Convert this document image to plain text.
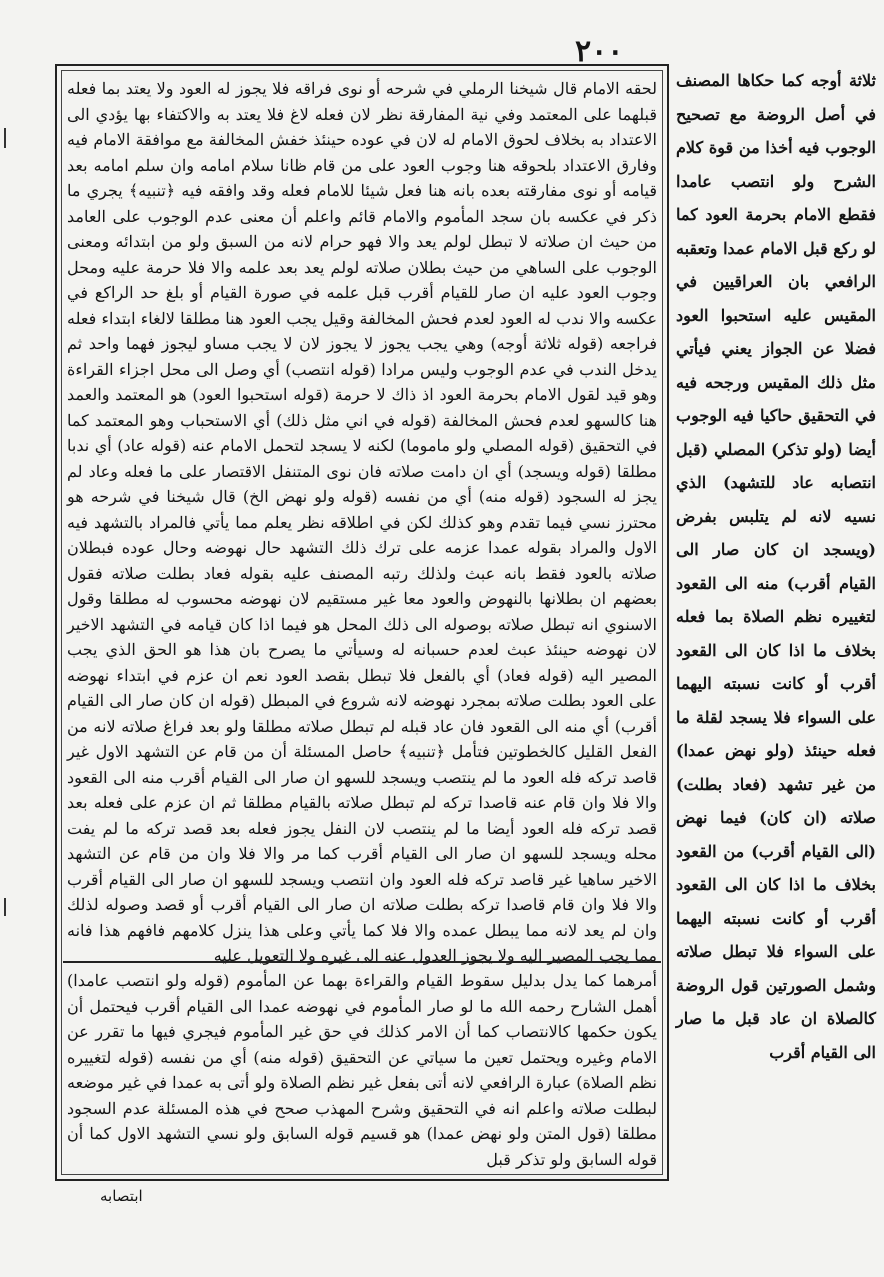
٢٠٠

لحقه الامام قال شيخنا الرملي في شرحه أو نوى فراقه فلا يجوز له العود ولا يعتد بما فعله قبلهما على المعتمد وفي نية المفارقة نظر لان فعله لاغ فلا يعتد به والاكتفاء بها يؤدي الى الاعتداد به بخلاف لحوق الامام له لان في عوده حينئذ خفش المخالفة مع موافقة الامام فيه وفارق الاعتداد بلحوقه هنا وجوب العود على من قام ظانا سلام امامه وان سلم امامه بعد قيامه أو نوى مفارقته بعده بانه هنا فعل شيئا للامام فعله وقد وافقه فيه ﴿تنبيه﴾ يجري ما ذكر في عكسه بان سجد المأموم والامام قائم واعلم أن معنى عدم الوجوب على العامد من حيث ان صلاته لا تبطل لولم يعد والا فهو حرام لانه من السبق ولو من ابتدائه ومعنى الوجوب على الساهي من حيث بطلان صلاته لولم يعد بعد علمه والا فلا حرمة عليه ومحل وجوب العود عليه ان صار للقيام أقرب قبل علمه في صورة القيام أو بلغ حد الراكع في عكسه والا ندب له العود لعدم فحش المخالفة وقيل يجب العود هنا مطلقا لالغاء ابتداء فعله فراجعه (قوله ثلاثة أوجه) وهي يجب يجوز لا يجوز لان لا يجب مساو ليجوز فهما واحد ثم يدخل الندب في عدم الوجوب وليس مرادا (قوله انتصب) أي وصل الى محل اجزاء القراءة وهو قيد لقول الامام بحرمة العود اذ ذاك لا حرمة (قوله استحبوا العود) هو المعتمد والعمد هنا كالسهو لعدم فحش المخالفة (قوله في اني مثل ذلك) أي الاستحباب وهو المعتمد كما في التحقيق (قوله المصلي ولو ماموما) لكنه لا يسجد لتحمل الامام عنه (قوله عاد) أي ندبا مطلقا (قوله ويسجد) أي ان دامت صلاته فان نوى المتنفل الاقتصار على ما فعله وعاد لم يجز له السجود (قوله منه) أي من نفسه (قوله ولو نهض الخ) قال شيخنا في شرحه هو محترز نسي فيما تقدم وهو كذلك لكن في اطلاقه نظر يعلم مما يأتي فالمراد بالتشهد فيه الاول والمراد بقوله عمدا عزمه على ترك ذلك التشهد حال نهوضه وحال عوده فبطلان صلاته بالعود فقط بانه عبث ولذلك رتبه المصنف عليه بقوله فعاد بطلت صلاته فقول بعضهم ان بطلانها بالنهوض والعود معا غير مستقيم لان نهوضه محسوب له مطلقا وقول الاسنوي انه تبطل صلاته بوصوله الى ذلك المحل هو فيما اذا كان قيامه في التشهد الاخير لان نهوضه حينئذ عبث لعدم حسبانه له وسيأتي ما يصرح بان هذا هو الحق الذي يجب المصير اليه (قوله فعاد) أي بالفعل فلا تبطل بقصد العود نعم ان عزم في ابتداء نهوضه على العود بطلت صلاته بمجرد نهوضه لانه شروع في المبطل (قوله ان كان صار الى القيام أقرب) أي منه الى القعود فان عاد قبله لم تبطل صلاته مطلقا ولو بعد فراغ صلاته لانه من الفعل القليل كالخطوتين فتأمل ﴿تنبيه﴾ حاصل المسئلة أن من قام عن التشهد الاول غير قاصد تركه فله العود ما لم ينتصب ويسجد للسهو ان صار الى القيام أقرب منه الى القعود والا فلا وان قام عنه قاصدا تركه لم تبطل صلاته بالقيام مطلقا ثم ان عزم على فعله بعد قصد تركه فله العود أيضا ما لم ينتصب لان النفل يجوز فعله بعد قصد تركه ما لم يفت محله ويسجد للسهو ان صار الى القيام أقرب كما مر والا فلا وان من قام عن التشهد الاخير ساهيا غير قاصد تركه فله العود وان انتصب ويسجد للسهو ان صار الى القيام أقرب والا فلا وان قام قاصدا تركه بطلت صلاته ان صار الى القيام أقرب أو قصد وصوله لذلك وان لم يعد لانه مما يبطل عمده والا فلا كما يأتي وعلى هذا ينزل كلامهم فافهم هذا فانه مما يجب المصير اليه ولا يجوز العدول عنه الى غيره ولا التعويل عليه

أمرهما كما يدل بدليل سقوط القيام والقراءة بهما عن المأموم (قوله ولو انتصب عامدا) أهمل الشارح رحمه الله ما لو صار المأموم في نهوضه عمدا الى القيام أقرب فيحتمل أن يكون حكمها كالانتصاب كما أن الامر كذلك في حق غير المأموم فيجري فيها ما تقرر عن الامام وغيره ويحتمل تعين ما سياتي عن التحقيق (قوله منه) أي من نفسه (قوله لتغييره نظم الصلاة) عبارة الرافعي لانه أتى بفعل غير نظم الصلاة ولو أتى به عمدا في غير موضعه لبطلت صلاته واعلم انه في التحقيق وشرح المهذب صحح في هذه المسئلة عدم السجود مطلقا (قول المتن ولو نهض عمدا) هو قسيم قوله السابق ولو نسي التشهد الاول كما أن قوله السابق ولو تذكر قبل

ثلاثة أوجه كما حكاها المصنف في أصل الروضة مع تصحيح الوجوب فيه أخذا من قوة كلام الشرح ولو انتصب عامدا فقطع الامام بحرمة العود كما لو ركع قبل الامام عمدا وتعقبه الرافعي بان العراقيين في المقيس عليه استحبوا العود فضلا عن الجواز يعني فيأتي مثل ذلك المقيس ورجحه فيه في التحقيق حاكيا فيه الوجوب أيضا (ولو تذكر) المصلي (قبل انتصابه عاد للتشهد) الذي نسيه لانه لم يتلبس بفرض (ويسجد ان كان صار الى القيام أقرب) منه الى القعود لتغييره نظم الصلاة بما فعله بخلاف ما اذا كان الى القعود أقرب أو كانت نسبته اليهما على السواء فلا يسجد لقلة ما فعله حينئذ (ولو نهض عمدا) من غير تشهد (فعاد بطلت) صلاته (ان كان) فيما نهض (الى القيام أقرب) من القعود بخلاف ما اذا كان الى القعود أقرب أو كانت نسبته اليهما على السواء فلا تبطل صلاته وشمل الصورتين قول الروضة كالصلاة ان عاد قبل ما صار الى القيام أقرب

ابتصابه
